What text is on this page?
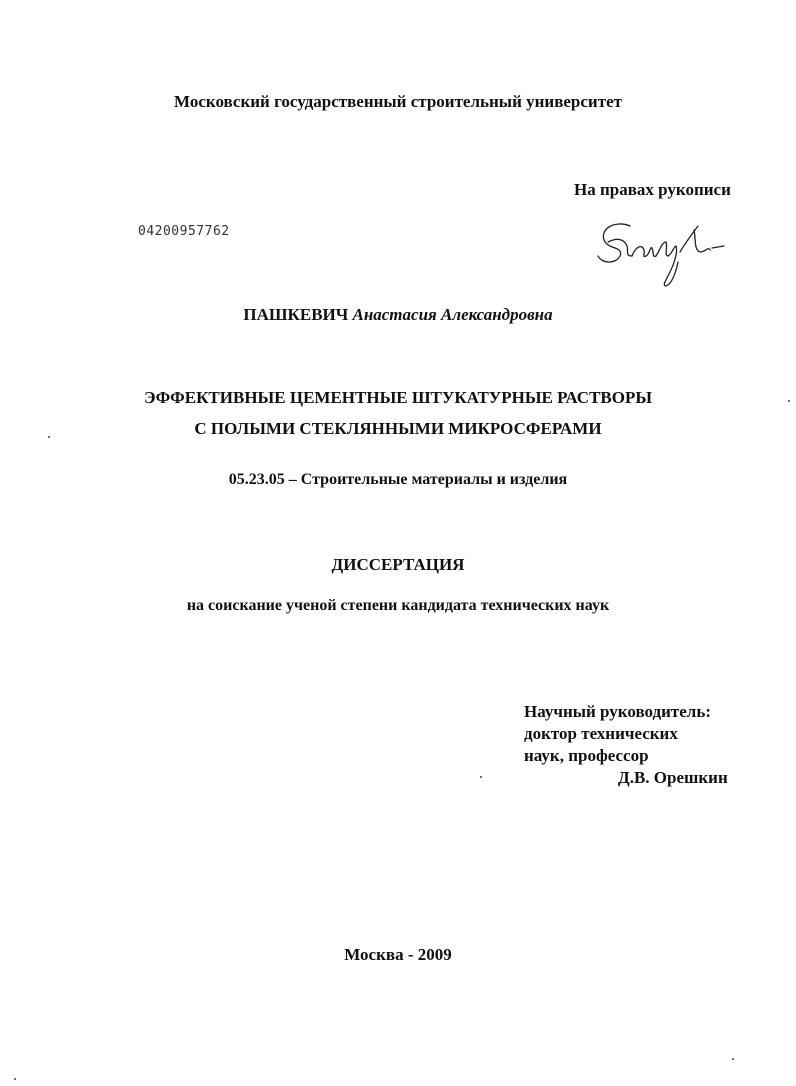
Московский государственный строительный университет
На правах рукописи
04200957762
ПАШКЕВИЧ Анастасия Александровна
ЭФФЕКТИВНЫЕ ЦЕМЕНТНЫЕ ШТУКАТУРНЫЕ РАСТВОРЫ
С ПОЛЫМИ СТЕКЛЯННЫМИ МИКРОСФЕРАМИ
05.23.05 – Строительные материалы и изделия
ДИССЕРТАЦИЯ
на соискание ученой степени кандидата технических наук
Научный руководитель:
доктор технических
наук, профессор
Д.В. Орешкин
Москва - 2009
